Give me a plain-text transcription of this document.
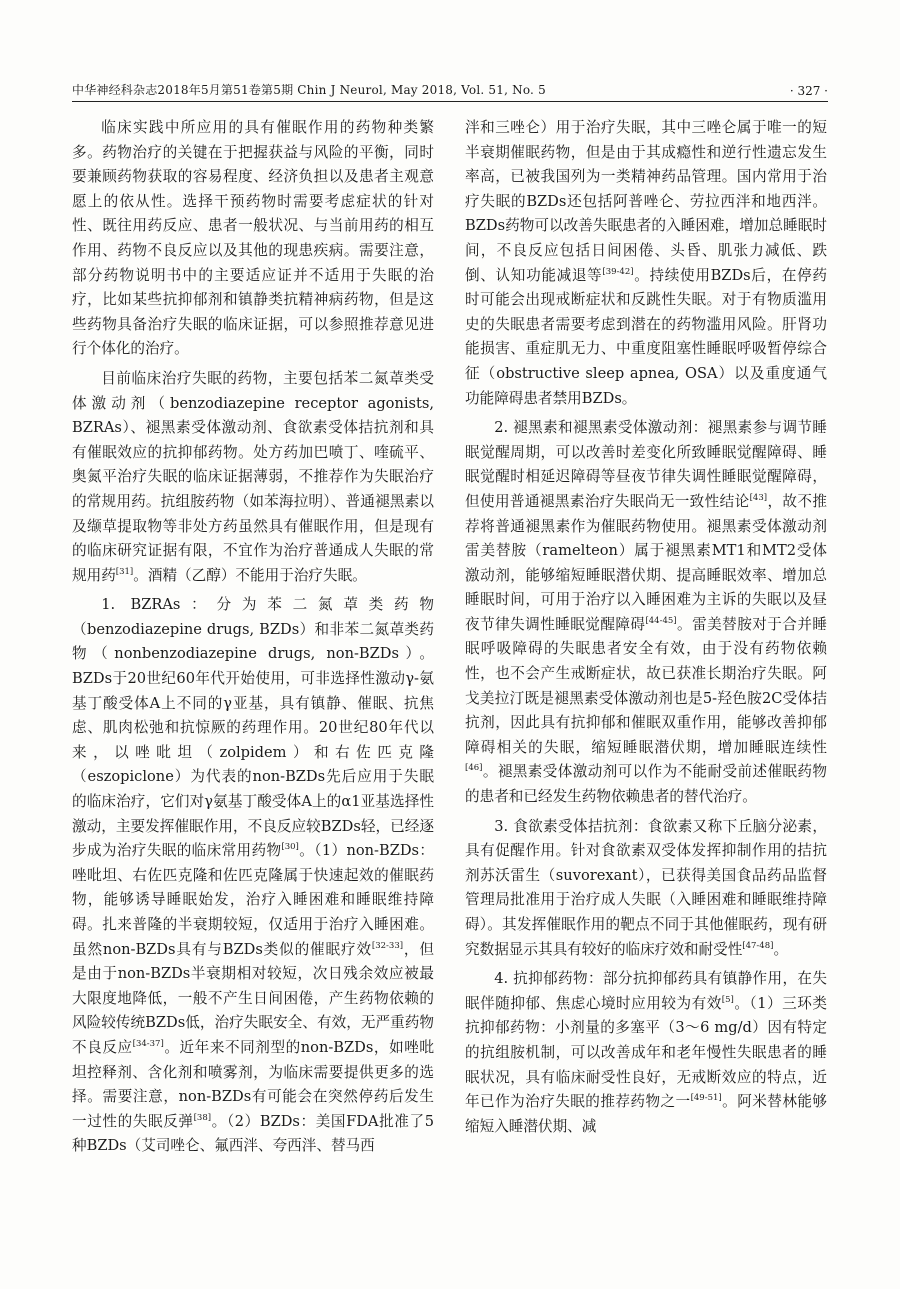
中华神经科杂志2018年5月第51卷第5期 Chin J Neurol, May 2018, Vol. 51, No. 5	· 327 ·

临床实践中所应用的具有催眠作用的药物种类繁多。药物治疗的关键在于把握获益与风险的平衡，同时要兼顾药物获取的容易程度、经济负担以及患者主观意愿上的依从性。选择干预药物时需要考虑症状的针对性、既往用药反应、患者一般状况、与当前用药的相互作用、药物不良反应以及其他的现患疾病。需要注意，部分药物说明书中的主要适应证并不适用于失眠的治疗，比如某些抗抑郁剂和镇静类抗精神病药物，但是这些药物具备治疗失眠的临床证据，可以参照推荐意见进行个体化的治疗。

目前临床治疗失眠的药物，主要包括苯二氮䓬类受体激动剂（benzodiazepine receptor agonists, BZRAs）、褪黑素受体激动剂、食欲素受体拮抗剂和具有催眠效应的抗抑郁药物。处方药加巴喷丁、喹硫平、奥氮平治疗失眠的临床证据薄弱，不推荐作为失眠治疗的常规用药。抗组胺药物（如苯海拉明）、普通褪黑素以及缬草提取物等非处方药虽然具有催眠作用，但是现有的临床研究证据有限，不宜作为治疗普通成人失眠的常规用药[31]。酒精（乙醇）不能用于治疗失眠。

1. BZRAs：分为苯二氮䓬类药物（benzodiazepine drugs, BZDs）和非苯二氮䓬类药物（nonbenzodiazepine drugs, non-BZDs）。BZDs于20世纪60年代开始使用，可非选择性激动γ-氨基丁酸受体A上不同的γ亚基，具有镇静、催眠、抗焦虑、肌肉松弛和抗惊厥的药理作用。20世纪80年代以来，以唑吡坦（zolpidem）和右佐匹克隆（eszopiclone）为代表的non-BZDs先后应用于失眠的临床治疗，它们对γ氨基丁酸受体A上的α1亚基选择性激动，主要发挥催眠作用，不良反应较BZDs轻，已经逐步成为治疗失眠的临床常用药物[30]。（1）non-BZDs：唑吡坦、右佐匹克隆和佐匹克隆属于快速起效的催眠药物，能够诱导睡眠始发，治疗入睡困难和睡眠维持障碍。扎来普隆的半衰期较短，仅适用于治疗入睡困难。虽然non-BZDs具有与BZDs类似的催眠疗效[32-33]，但是由于non-BZDs半衰期相对较短，次日残余效应被最大限度地降低，一般不产生日间困倦，产生药物依赖的风险较传统BZDs低，治疗失眠安全、有效，无严重药物不良反应[34-37]。近年来不同剂型的non-BZDs，如唑吡坦控释剂、含化剂和喷雾剂，为临床需要提供更多的选择。需要注意，non-BZDs有可能会在突然停药后发生一过性的失眠反弹[38]。（2）BZDs：美国FDA批准了5种BZDs（艾司唑仑、氟西泮、夸西泮、替马西

泮和三唑仑）用于治疗失眠，其中三唑仑属于唯一的短半衰期催眠药物，但是由于其成瘾性和逆行性遗忘发生率高，已被我国列为一类精神药品管理。国内常用于治疗失眠的BZDs还包括阿普唑仑、劳拉西泮和地西泮。BZDs药物可以改善失眠患者的入睡困难，增加总睡眠时间，不良反应包括日间困倦、头昏、肌张力减低、跌倒、认知功能减退等[39-42]。持续使用BZDs后，在停药时可能会出现戒断症状和反跳性失眠。对于有物质滥用史的失眠患者需要考虑到潜在的药物滥用风险。肝肾功能损害、重症肌无力、中重度阻塞性睡眠呼吸暂停综合征（obstructive sleep apnea, OSA）以及重度通气功能障碍患者禁用BZDs。

2. 褪黑素和褪黑素受体激动剂：褪黑素参与调节睡眠觉醒周期，可以改善时差变化所致睡眠觉醒障碍、睡眠觉醒时相延迟障碍等昼夜节律失调性睡眠觉醒障碍，但使用普通褪黑素治疗失眠尚无一致性结论[43]，故不推荐将普通褪黑素作为催眠药物使用。褪黑素受体激动剂雷美替胺（ramelteon）属于褪黑素MT1和MT2受体激动剂，能够缩短睡眠潜伏期、提高睡眠效率、增加总睡眠时间，可用于治疗以入睡困难为主诉的失眠以及昼夜节律失调性睡眠觉醒障碍[44-45]。雷美替胺对于合并睡眠呼吸障碍的失眠患者安全有效，由于没有药物依赖性，也不会产生戒断症状，故已获准长期治疗失眠。阿戈美拉汀既是褪黑素受体激动剂也是5-羟色胺2C受体拮抗剂，因此具有抗抑郁和催眠双重作用，能够改善抑郁障碍相关的失眠，缩短睡眠潜伏期，增加睡眠连续性[46]。褪黑素受体激动剂可以作为不能耐受前述催眠药物的患者和已经发生药物依赖患者的替代治疗。

3. 食欲素受体拮抗剂：食欲素又称下丘脑分泌素，具有促醒作用。针对食欲素双受体发挥抑制作用的拮抗剂苏沃雷生（suvorexant），已获得美国食品药品监督管理局批准用于治疗成人失眠（入睡困难和睡眠维持障碍）。其发挥催眠作用的靶点不同于其他催眠药，现有研究数据显示其具有较好的临床疗效和耐受性[47-48]。

4. 抗抑郁药物：部分抗抑郁药具有镇静作用，在失眠伴随抑郁、焦虑心境时应用较为有效[5]。（1）三环类抗抑郁药物：小剂量的多塞平（3～6 mg/d）因有特定的抗组胺机制，可以改善成年和老年慢性失眠患者的睡眠状况，具有临床耐受性良好，无戒断效应的特点，近年已作为治疗失眠的推荐药物之一[49-51]。阿米替林能够缩短入睡潜伏期、减
